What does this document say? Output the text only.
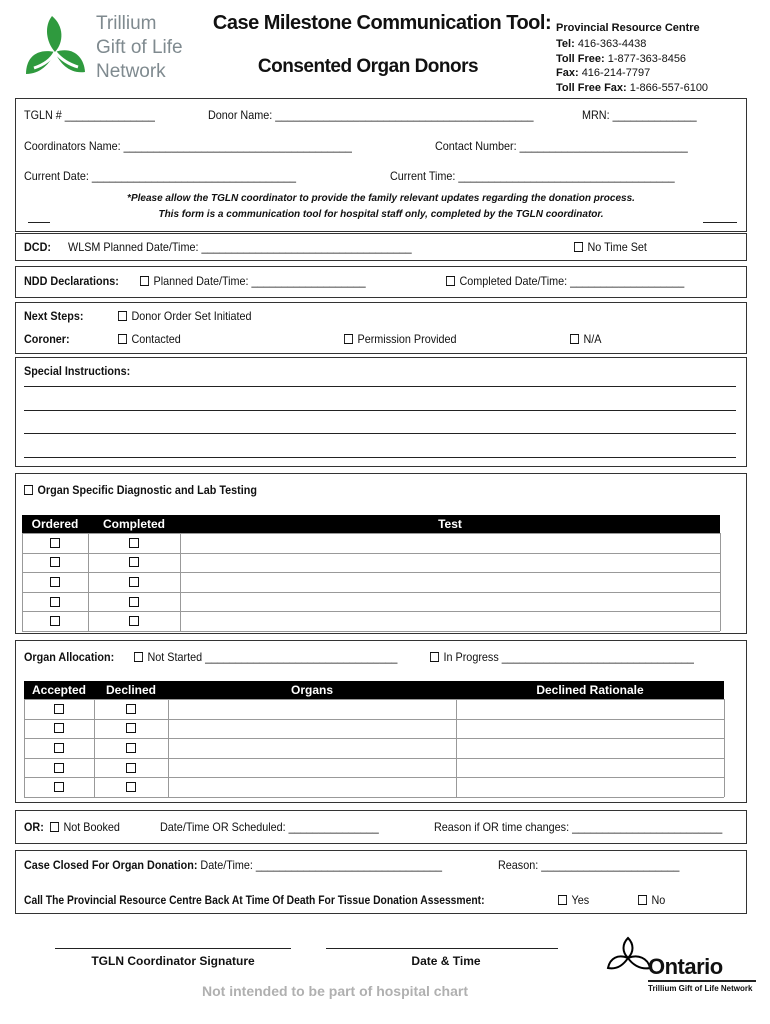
Trillium
Gift of Life
Network
Case Milestone Communication Tool:
Consented Organ Donors
Provincial Resource Centre
Tel: 416-363-4438
Toll Free: 1-877-363-8456
Fax: 416-214-7797
Toll Free Fax: 1-866-557-6100
TGLN # _______________	Donor Name: ___________________________________________	MRN: ______________
Coordinators Name: ______________________________________	Contact Number: ____________________________
Current Date: __________________________________	Current Time: ____________________________________
*Please allow the TGLN coordinator to provide the family relevant updates regarding the donation process.
This form is a communication tool for hospital staff only, completed by the TGLN coordinator.
DCD: WLSM Planned Date/Time: ___________________________________	No Time Set
NDD Declarations:	Planned Date/Time: ___________________	Completed Date/Time: ___________________
Next Steps:	Donor Order Set Initiated
Coroner:	Contacted	Permission Provided	N/A
Special Instructions:
Organ Specific Diagnostic and Lab Testing
Ordered	Completed	Test
Organ Allocation:	Not Started ________________________________	In Progress ________________________________
Accepted	Declined	Organs	Declined Rationale
OR:	Not Booked	Date/Time OR Scheduled: _______________	Reason if OR time changes: _________________________
Case Closed For Organ Donation: Date/Time: _______________________________	Reason: _______________________
Call The Provincial Resource Centre Back At Time Of Death For Tissue Donation Assessment:	Yes	No
TGLN Coordinator Signature	Date & Time
Not intended to be part of hospital chart
Ontario
Trillium Gift of Life Network
